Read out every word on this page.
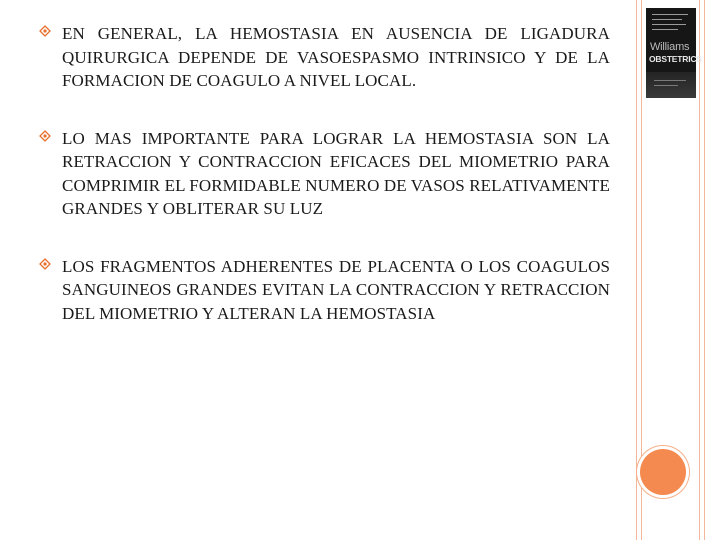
EN GENERAL, LA HEMOSTASIA EN AUSENCIA DE LIGADURA QUIRURGICA DEPENDE DE VASOESPASMO INTRINSICO Y DE LA FORMACION DE COAGULO A NIVEL LOCAL.
LO MAS IMPORTANTE PARA LOGRAR LA HEMOSTASIA SON LA RETRACCION Y CONTRACCION EFICACES DEL MIOMETRIO PARA COMPRIMIR EL FORMIDABLE NUMERO DE VASOS RELATIVAMENTE GRANDES Y OBLITERAR SU LUZ
LOS FRAGMENTOS ADHERENTES DE PLACENTA O LOS COAGULOS SANGUINEOS GRANDES EVITAN LA CONTRACCION Y RETRACCION DEL MIOMETRIO Y ALTERAN LA HEMOSTASIA
Williams
OBSTETRICS
